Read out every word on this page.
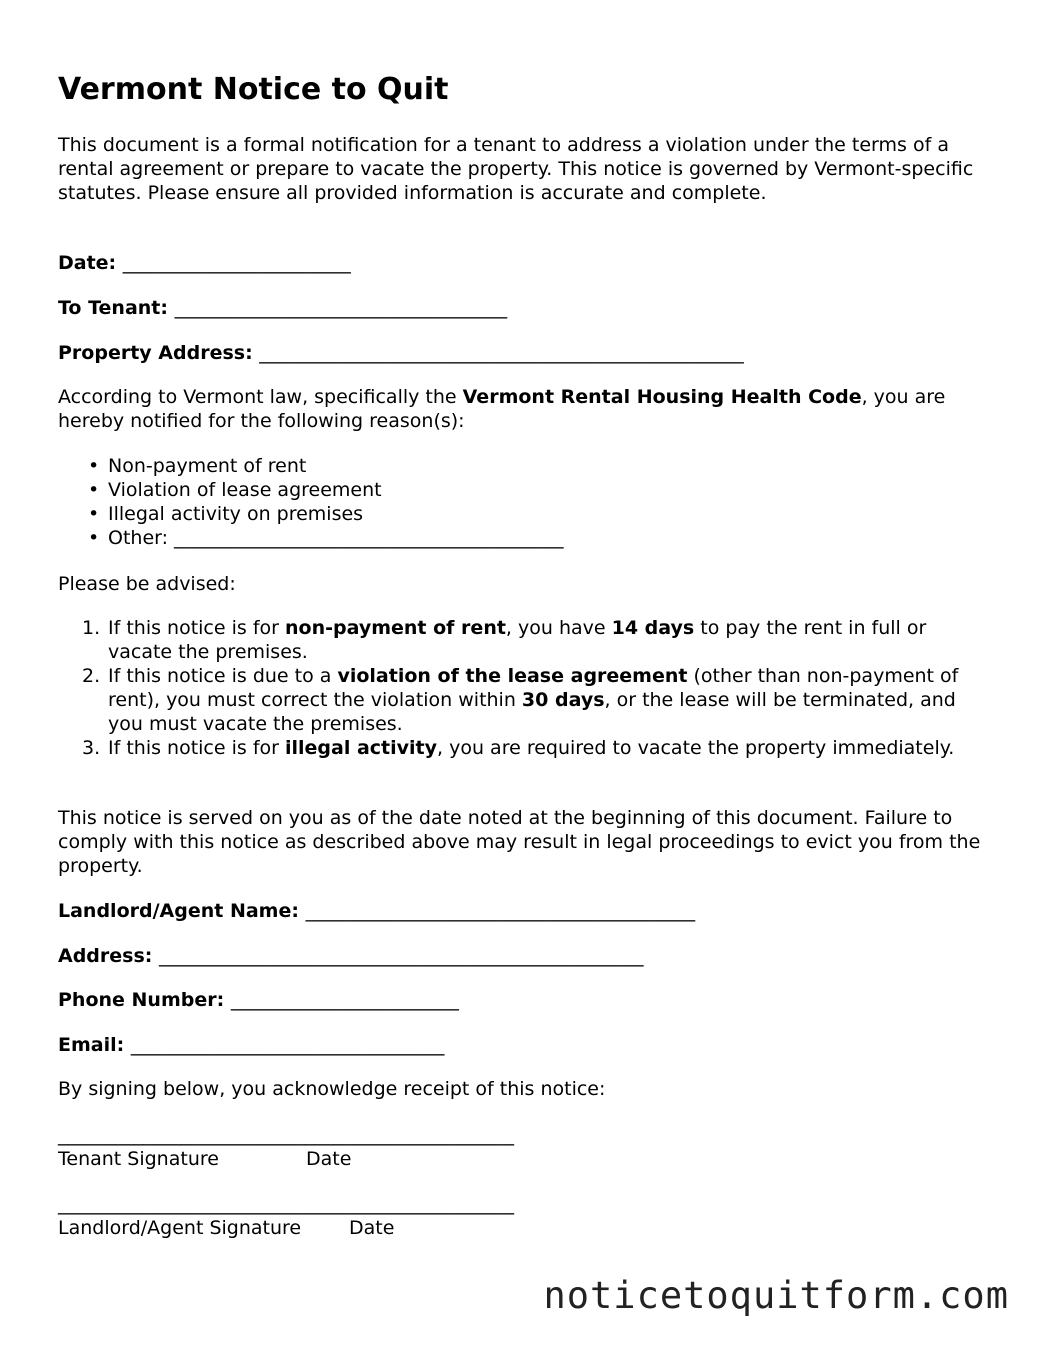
Vermont Notice to Quit

This document is a formal notification for a tenant to address a violation under the terms of a rental agreement or prepare to vacate the property. This notice is governed by Vermont-specific statutes. Please ensure all provided information is accurate and complete.

Date: ________________________

To Tenant: ___________________________________

Property Address: ___________________________________________________

According to Vermont law, specifically the Vermont Rental Housing Health Code, you are hereby notified for the following reason(s):

• Non-payment of rent
• Violation of lease agreement
• Illegal activity on premises
• Other: _________________________________________

Please be advised:

1. If this notice is for non-payment of rent, you have 14 days to pay the rent in full or vacate the premises.
2. If this notice is due to a violation of the lease agreement (other than non-payment of rent), you must correct the violation within 30 days, or the lease will be terminated, and you must vacate the premises.
3. If this notice is for illegal activity, you are required to vacate the property immediately.

This notice is served on you as of the date noted at the beginning of this document. Failure to comply with this notice as described above may result in legal proceedings to evict you from the property.

Landlord/Agent Name: _________________________________________

Address: ___________________________________________________

Phone Number: ________________________

Email: _________________________________

By signing below, you acknowledge receipt of this notice:

________________________________________________

Tenant Signature	Date

________________________________________________

Landlord/Agent Signature	Date

noticetoquitform.com
